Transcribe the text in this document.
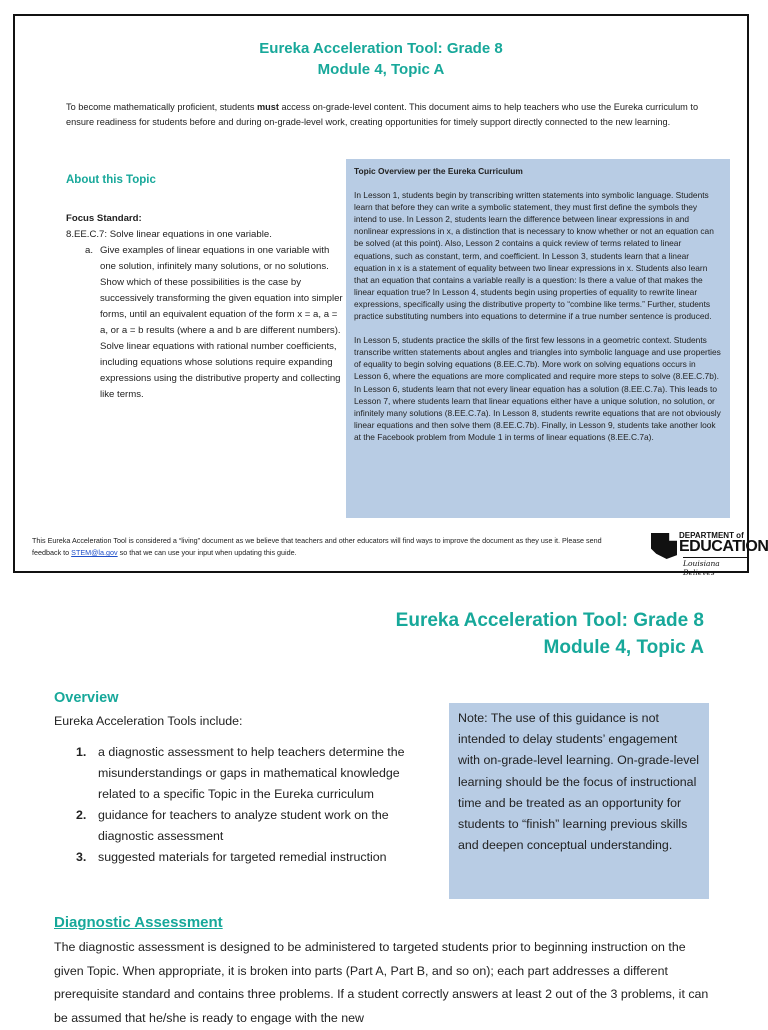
Eureka Acceleration Tool: Grade 8
Module 4, Topic A
To become mathematically proficient, students must access on-grade-level content. This document aims to help teachers who use the Eureka curriculum to ensure readiness for students before and during on-grade-level work, creating opportunities for timely support directly connected to the new learning.
About this Topic
Focus Standard:
8.EE.C.7: Solve linear equations in one variable.
a. Give examples of linear equations in one variable with one solution, infinitely many solutions, or no solutions. Show which of these possibilities is the case by successively transforming the given equation into simpler forms, until an equivalent equation of the form x = a, a = a, or a = b results (where a and b are different numbers).
Solve linear equations with rational number coefficients, including equations whose solutions require expanding expressions using the distributive property and collecting like terms.
Topic Overview per the Eureka Curriculum

In Lesson 1, students begin by transcribing written statements into symbolic language. Students learn that before they can write a symbolic statement, they must first define the symbols they intend to use. In Lesson 2, students learn the difference between linear expressions in and nonlinear expressions in x, a distinction that is necessary to know whether or not an equation can be solved (at this point). Also, Lesson 2 contains a quick review of terms related to linear equations, such as constant, term, and coefficient. In Lesson 3, students learn that a linear equation in x is a statement of equality between two linear expressions in x. Students also learn that an equation that contains a variable really is a question: Is there a value of that makes the linear equation true? In Lesson 4, students begin using properties of equality to rewrite linear expressions, specifically using the distributive property to “combine like terms.” Further, students practice substituting numbers into equations to determine if a true number sentence is produced.

In Lesson 5, students practice the skills of the first few lessons in a geometric context. Students transcribe written statements about angles and triangles into symbolic language and use properties of equality to begin solving equations (8.EE.C.7b). More work on solving equations occurs in Lesson 6, where the equations are more complicated and require more steps to solve (8.EE.C.7b). In Lesson 6, students learn that not every linear equation has a solution (8.EE.C.7a). This leads to Lesson 7, where students learn that linear equations either have a unique solution, no solution, or infinitely many solutions (8.EE.C.7a). In Lesson 8, students rewrite equations that are not obviously linear equations and then solve them (8.EE.C.7b). Finally, in Lesson 9, students take another look at the Facebook problem from Module 1 in terms of linear equations (8.EE.C.7a).

This Eureka Acceleration Tool is considered a “living” document as we believe that teachers and other educators will find ways to improve the document as they use it. Please send feedback to STEM@la.gov so that we can use your input when updating this guide.
DEPARTMENT of
EDUCATION
Louisiana Believes
Eureka Acceleration Tool: Grade 8
Module 4, Topic A
Overview
Eureka Acceleration Tools include:
1. a diagnostic assessment to help teachers determine the misunderstandings or gaps in mathematical knowledge related to a specific Topic in the Eureka curriculum
2. guidance for teachers to analyze student work on the diagnostic assessment
3. suggested materials for targeted remedial instruction
Note: The use of this guidance is not intended to delay students’ engagement with on-grade-level learning. On-grade-level learning should be the focus of instructional time and be treated as an opportunity for students to “finish” learning previous skills and deepen conceptual understanding.
Diagnostic Assessment
The diagnostic assessment is designed to be administered to targeted students prior to beginning instruction on the given Topic. When appropriate, it is broken into parts (Part A, Part B, and so on); each part addresses a different prerequisite standard and contains three problems. If a student correctly answers at least 2 out of the 3 problems, it can be assumed that he/she is ready to engage with the new
